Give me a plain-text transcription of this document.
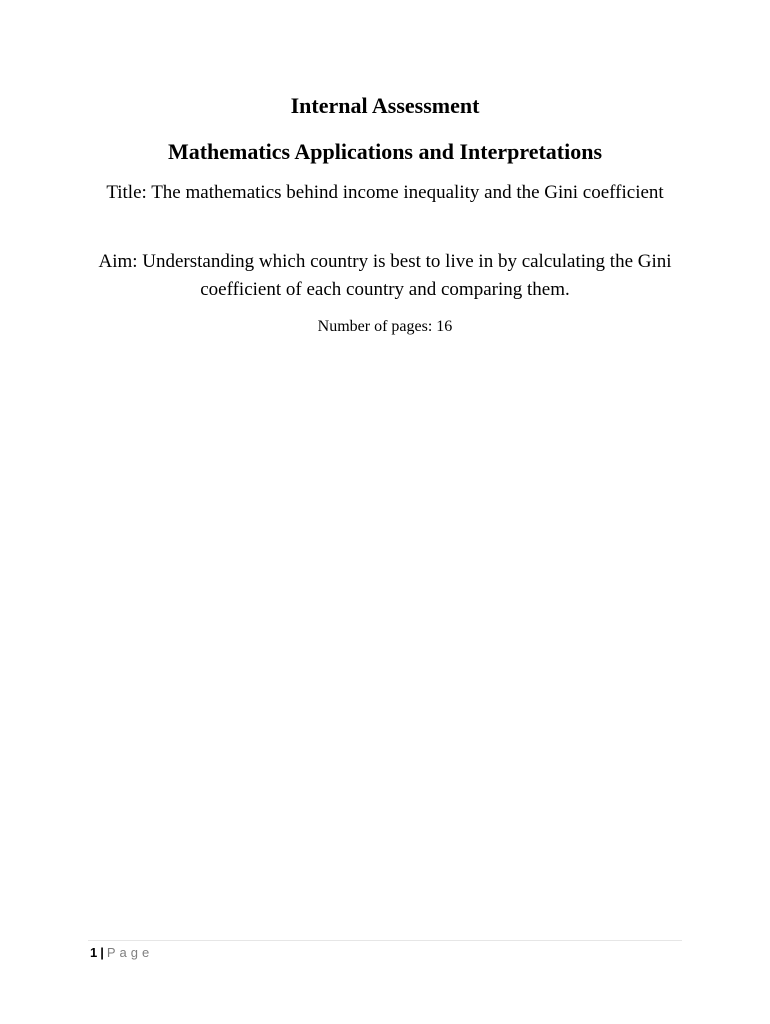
Internal Assessment
Mathematics Applications and Interpretations
Title: The mathematics behind income inequality and the Gini coefficient
Aim: Understanding which country is best to live in by calculating the Gini coefficient of each country and comparing them.
Number of pages: 16
1 | Page
